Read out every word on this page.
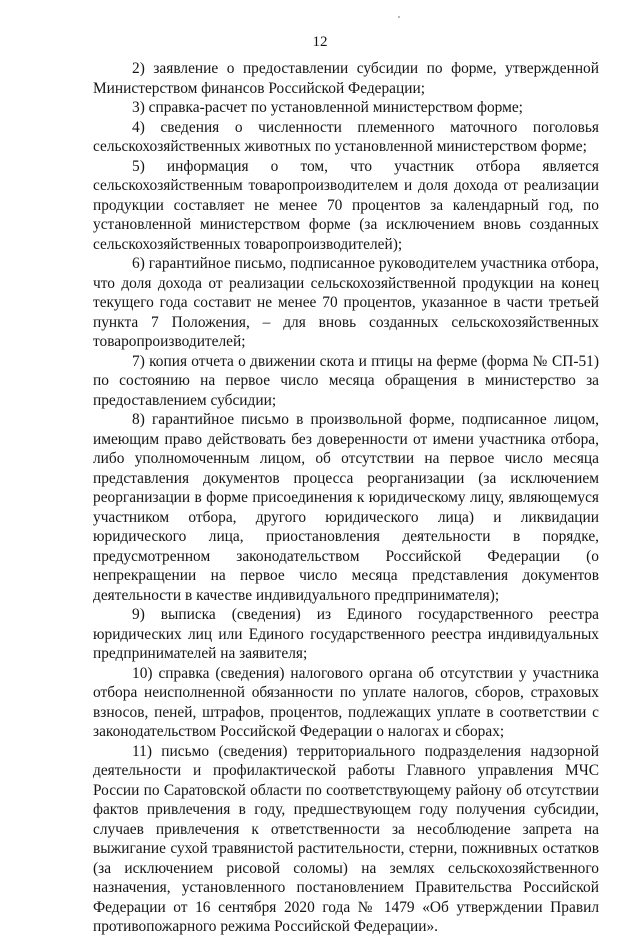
12

2) заявление о предоставлении субсидии по форме, утвержденной Министерством финансов Российской Федерации;

3) справка-расчет по установленной министерством форме;

4) сведения о численности племенного маточного поголовья сельскохозяйственных животных по установленной министерством форме;

5) информация о том, что участник отбора является сельскохозяйственным товаропроизводителем и доля дохода от реализации продукции составляет не менее 70 процентов за календарный год, по установленной министерством форме (за исключением вновь созданных сельскохозяйственных товаропроизводителей);

6) гарантийное письмо, подписанное руководителем участника отбора, что доля дохода от реализации сельскохозяйственной продукции на конец текущего года составит не менее 70 процентов, указанное в части третьей пункта 7 Положения, – для вновь созданных сельскохозяйственных товаропроизводителей;

7) копия отчета о движении скота и птицы на ферме (форма № СП-51) по состоянию на первое число месяца обращения в министерство за предоставлением субсидии;

8) гарантийное письмо в произвольной форме, подписанное лицом, имеющим право действовать без доверенности от имени участника отбора, либо уполномоченным лицом, об отсутствии на первое число месяца представления документов процесса реорганизации (за исключением реорганизации в форме присоединения к юридическому лицу, являющемуся участником отбора, другого юридического лица) и ликвидации юридического лица, приостановления деятельности в порядке, предусмотренном законодательством Российской Федерации (о непрекращении на первое число месяца представления документов деятельности в качестве индивидуального предпринимателя);

9) выписка (сведения) из Единого государственного реестра юридических лиц или Единого государственного реестра индивидуальных предпринимателей на заявителя;

10) справка (сведения) налогового органа об отсутствии у участника отбора неисполненной обязанности по уплате налогов, сборов, страховых взносов, пеней, штрафов, процентов, подлежащих уплате в соответствии с законодательством Российской Федерации о налогах и сборах;

11) письмо (сведения) территориального подразделения надзорной деятельности и профилактической работы Главного управления МЧС России по Саратовской области по соответствующему району об отсутствии фактов привлечения в году, предшествующем году получения субсидии, случаев привлечения к ответственности за несоблюдение запрета на выжигание сухой травянистой растительности, стерни, пожнивных остатков (за исключением рисовой соломы) на землях сельскохозяйственного назначения, установленного постановлением Правительства Российской Федерации от 16 сентября 2020 года № 1479 «Об утверждении Правил противопожарного режима Российской Федерации».
